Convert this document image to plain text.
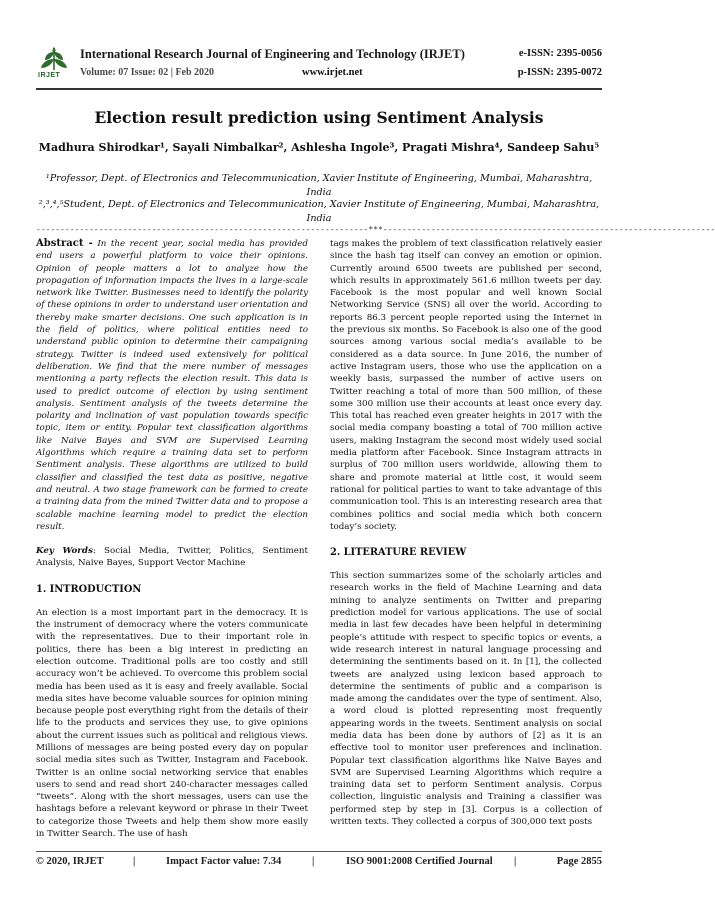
IRJET
International Research Journal of Engineering and Technology (IRJET)	e-ISSN: 2395-0056
Volume: 07 Issue: 02 | Feb 2020	www.irjet.net	p-ISSN: 2395-0072
Election result prediction using Sentiment Analysis
Madhura Shirodkar¹, Sayali Nimbalkar², Ashlesha Ingole³, Pragati Mishra⁴, Sandeep Sahu⁵
¹Professor, Dept. of Electronics and Telecommunication, Xavier Institute of Engineering, Mumbai, Maharashtra, India
²,³,⁴,⁵Student, Dept. of Electronics and Telecommunication, Xavier Institute of Engineering, Mumbai, Maharashtra, India
---------------------------------------------------------------------***---------------------------------------------------------------------

Abstract - In the recent year, social media has provided end users a powerful platform to voice their opinions. Opinion of people matters a lot to analyze how the propagation of information impacts the lives in a large-scale network like Twitter. Businesses need to identify the polarity of these opinions in order to understand user orientation and thereby make smarter decisions. One such application is in the field of politics, where political entities need to understand public opinion to determine their campaigning strategy. Twitter is indeed used extensively for political deliberation. We find that the mere number of messages mentioning a party reflects the election result. This data is used to predict outcome of election by using sentiment analysis. Sentiment analysis of the tweets determine the polarity and inclination of vast population towards specific topic, item or entity. Popular text classification algorithms like Naive Bayes and SVM are Supervised Learning Algorithms which require a training data set to perform Sentiment analysis. These algorithms are utilized to build classifier and classified the test data as positive, negative and neutral. A two stage framework can be formed to create a training data from the mined Twitter data and to propose a scalable machine learning model to predict the election result.

Key Words: Social Media, Twitter, Politics, Sentiment Analysis, Naive Bayes, Support Vector Machine

1. INTRODUCTION

An election is a most important part in the democracy. It is the instrument of democracy where the voters communicate with the representatives. Due to their important role in politics, there has been a big interest in predicting an election outcome. Traditional polls are too costly and still accuracy won’t be achieved. To overcome this problem social media has been used as it is easy and freely available. Social media sites have become valuable sources for opinion mining because people post everything right from the details of their life to the products and services they use, to give opinions about the current issues such as political and religious views. Millions of messages are being posted every day on popular social media sites such as Twitter, Instagram and Facebook. Twitter is an online social networking service that enables users to send and read short 240-character messages called “tweets”. Along with the short messages, users can use the hashtags before a relevant keyword or phrase in their Tweet to categorize those Tweets and help them show more easily in Twitter Search. The use of hash

tags makes the problem of text classification relatively easier since the hash tag itself can convey an emotion or opinion. Currently around 6500 tweets are published per second, which results in approximately 561.6 million tweets per day. Facebook is the most popular and well known Social Networking Service (SNS) all over the world. According to reports 86.3 percent people reported using the Internet in the previous six months. So Facebook is also one of the good sources among various social media’s available to be considered as a data source. In June 2016, the number of active Instagram users, those who use the application on a weekly basis, surpassed the number of active users on Twitter reaching a total of more than 500 million, of these some 300 million use their accounts at least once every day. This total has reached even greater heights in 2017 with the social media company boasting a total of 700 million active users, making Instagram the second most widely used social media platform after Facebook. Since Instagram attracts in surplus of 700 million users worldwide, allowing them to share and promote material at little cost, it would seem rational for political parties to want to take advantage of this communication tool. This is an interesting research area that combines politics and social media which both concern today’s society.

2. LITERATURE REVIEW

This section summarizes some of the scholarly articles and research works in the field of Machine Learning and data mining to analyze sentiments on Twitter and preparing prediction model for various applications. The use of social media in last few decades have been helpful in determining people’s attitude with respect to specific topics or events, a wide research interest in natural language processing and determining the sentiments based on it. In [1], the collected tweets are analyzed using lexicon based approach to determine the sentiments of public and a comparison is made among the candidates over the type of sentiment. Also, a word cloud is plotted representing most frequently appearing words in the tweets. Sentiment analysis on social media data has been done by authors of [2] as it is an effective tool to monitor user preferences and inclination. Popular text classification algorithms like Naive Bayes and SVM are Supervised Learning Algorithms which require a training data set to perform Sentiment analysis. Corpus collection, linguistic analysis and Training a classifier was performed step by step in [3]. Corpus is a collection of written texts. They collected a corpus of 300,000 text posts

© 2020, IRJET	|	Impact Factor value: 7.34	|	ISO 9001:2008 Certified Journal |	Page 2855
